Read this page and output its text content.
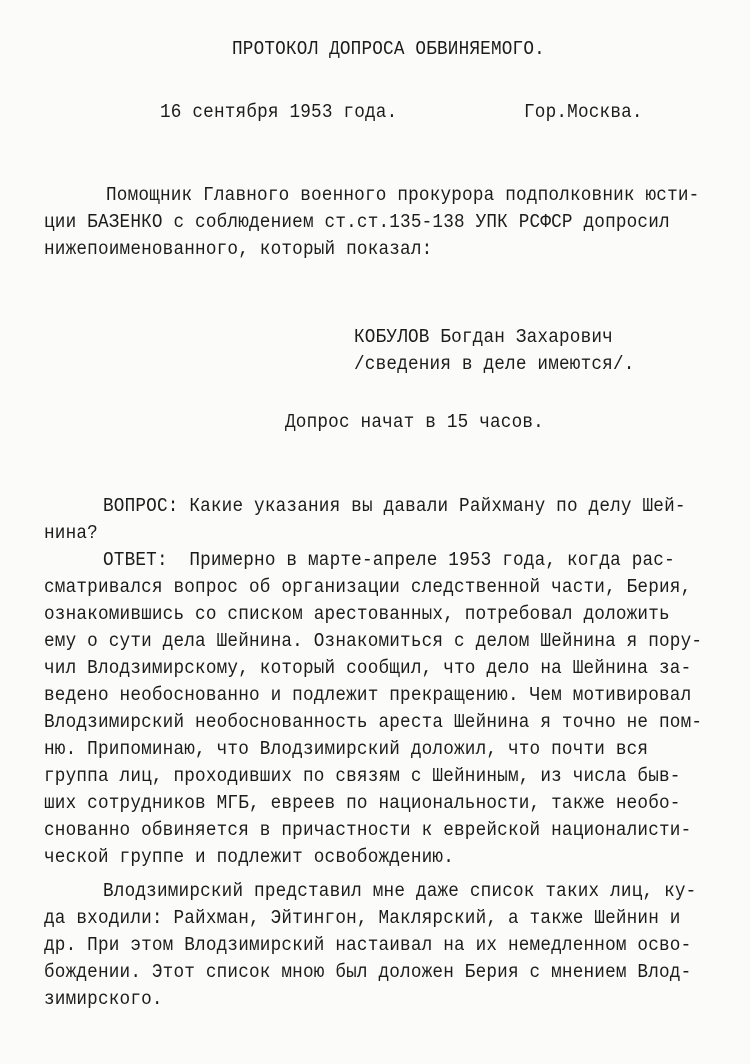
ПРОТОКОЛ ДОПРОСА ОБВИНЯЕМОГО.
16 сентября 1953 года.	Гор.Москва.
Помощник Главного военного прокурора подполковник юсти-
ции БАЗЕНКО с соблюдением ст.ст.135-138 УПК РСФСР допросил
нижепоименованного, который показал:
КОБУЛОВ Богдан Захарович
/сведения в деле имеются/.
Допрос начат в 15 часов.
ВОПРОС: Какие указания вы давали Райхману по делу Шей-
нина?
ОТВЕТ:  Примерно в марте-апреле 1953 года, когда рас-
сматривался вопрос об организации следственной части, Берия,
ознакомившись со списком арестованных, потребовал доложить
ему о сути дела Шейнина. Ознакомиться с делом Шейнина я пору-
чил Влодзимирскому, который сообщил, что дело на Шейнина за-
ведено необоснованно и подлежит прекращению. Чем мотивировал
Влодзимирский необоснованность ареста Шейнина я точно не пом-
ню. Припоминаю, что Влодзимирский доложил, что почти вся
группа лиц, проходивших по связям с Шейниным, из числа быв-
ших сотрудников МГБ, евреев по национальности, также необо-
снованно обвиняется в причастности к еврейской националисти-
ческой группе и подлежит освобождению.
Влодзимирский представил мне даже список таких лиц, ку-
да входили: Райхман, Эйтингон, Маклярский, а также Шейнин и
др. При этом Влодзимирский настаивал на их немедленном осво-
бождении. Этот список мною был доложен Берия с мнением Влод-
зимирского.
